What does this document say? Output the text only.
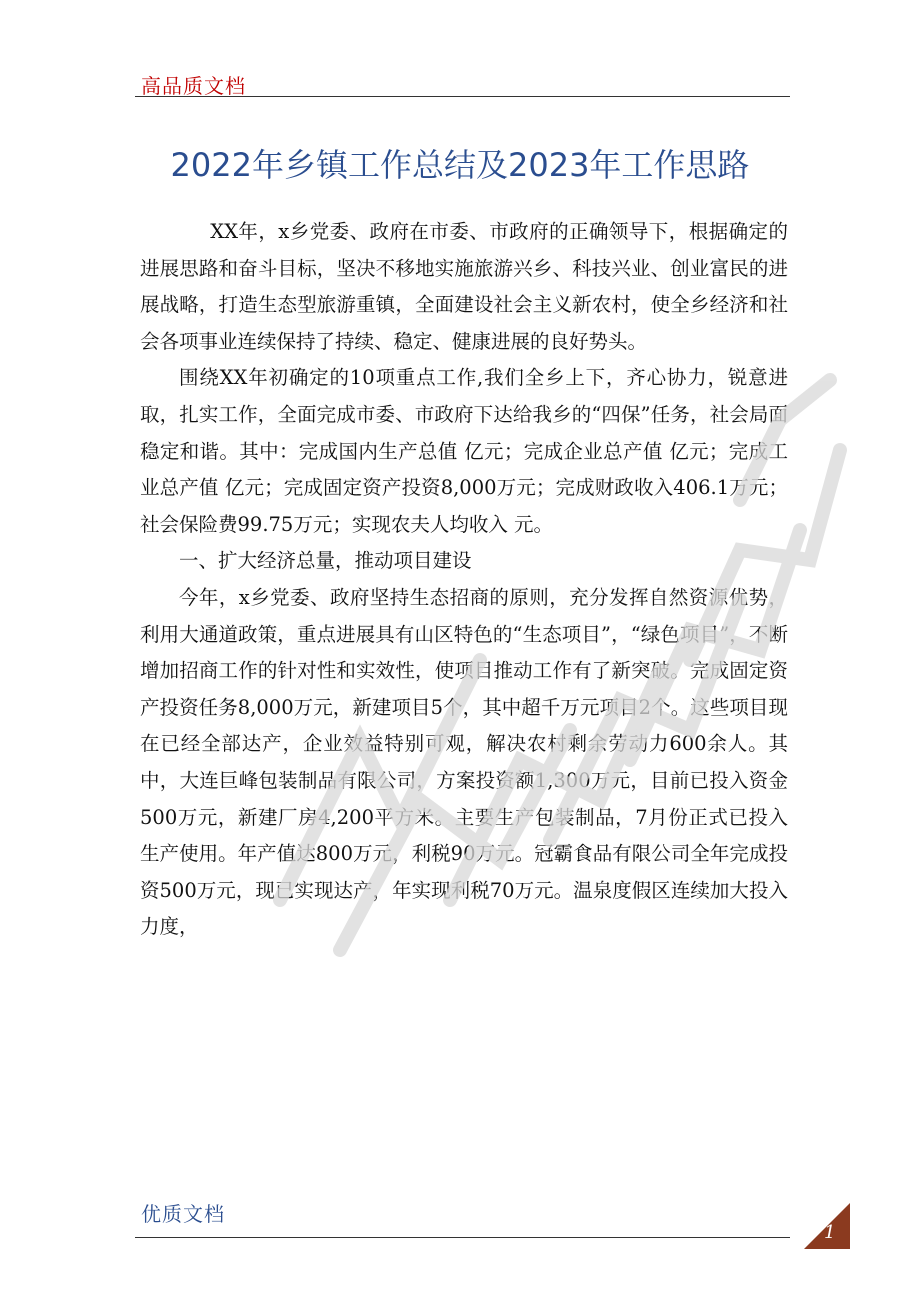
高品质文档
2022年乡镇工作总结及2023年工作思路

XX年，x乡党委、政府在市委、市政府的正确领导下，根据确定的进展思路和奋斗目标，坚决不移地实施旅游兴乡、科技兴业、创业富民的进展战略，打造生态型旅游重镇，全面建设社会主义新农村，使全乡经济和社会各项事业连续保持了持续、稳定、健康进展的良好势头。

围绕XX年初确定的10项重点工作,我们全乡上下，齐心协力，锐意进取，扎实工作，全面完成市委、市政府下达给我乡的“四保”任务，社会局面稳定和谐。其中：完成国内生产总值 亿元；完成企业总产值 亿元；完成工业总产值 亿元；完成固定资产投资8,000万元；完成财政收入406.1万元；社会保险费99.75万元；实现农夫人均收入 元。

一、扩大经济总量，推动项目建设

今年，x乡党委、政府坚持生态招商的原则，充分发挥自然资源优势，利用大通道政策，重点进展具有山区特色的“生态项目”，“绿色项目”，不断增加招商工作的针对性和实效性，使项目推动工作有了新突破。完成固定资产投资任务8,000万元，新建项目5个，其中超千万元项目2个。这些项目现在已经全部达产，企业效益特别可观，解决农村剩余劳动力600余人。其中，大连巨峰包装制品有限公司，方案投资额1,300万元，目前已投入资金500万元，新建厂房4,200平方米。主要生产包装制品，7月份正式已投入生产使用。年产值达800万元，利税90万元。冠霸食品有限公司全年完成投资500万元，现已实现达产，年实现利税70万元。温泉度假区连续加大投入力度，

优质文档
1
